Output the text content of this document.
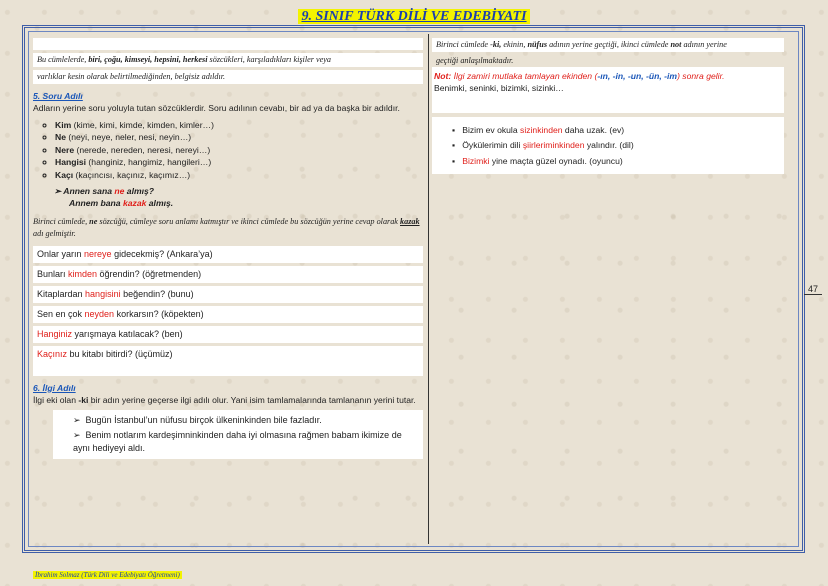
9. SINIF TÜRK DİLİ VE EDEBİYATI
Bu cümlelerde, biri, çoğu, kimseyi, hepsini, herkesi sözcükleri, karşıladıkları kişiler veya
varlıklar kesin olarak belirtilmediğinden, belgisiz adıldır.
5. Soru Adılı
Adların yerine soru yoluyla tutan sözcüklerdir. Soru adılının cevabı, bir ad ya da başka bir adıldır.
◦ Kim (kime, kimi, kimde, kimden, kimler…)
◦ Ne (neyi, neye, neler, nesi, neyin…)
◦ Nere (nerede, nereden, neresi, nereyi…)
◦ Hangisi (hanginiz, hangimiz, hangileri…)
◦ Kaçı (kaçıncısı, kaçınız, kaçımız…)
➢ Annen sana ne almış?
Annem bana kazak almış.
Birinci cümlede, ne sözcüğü, cümleye soru anlamı katmıştır ve ikinci cümlede bu sözcüğün yerine cevap olarak kazak adı gelmiştir.
Onlar yarın nereye gidecekmiş? (Ankara’ya)
Bunları kimden öğrendin? (öğretmenden)
Kitaplardan hangisini beğendin? (bunu)
Sen en çok neyden korkarsın? (köpekten)
Hanginiz yarışmaya katılacak? (ben)
Kaçınız bu kitabı bitirdi? (üçümüz)
6. İlgi Adılı
İlgi eki olan -ki bir adın yerine geçerse ilgi adılı olur. Yani isim tamlamalarında tamlananın yerini tutar.
➢  Bugün İstanbul’un nüfusu birçok ülkeninkinden bile fazladır.
➢  Benim notlarım kardeşimninkinden daha iyi olmasına rağmen babam ikimize de aynı hediyeyi aldı.
Birinci cümlede -ki, ekinin, nüfus adının yerine geçtiği, ikinci cümlede not adının yerine
geçtiği anlaşılmaktadır.
Not: İlgi zamiri mutlaka tamlayan ekinden (-ın, -in, -un, -ün, -im) sonra gelir.
Benimki, seninki, bizimki, sizinki…
▪   Bizim ev okula sizinkinden daha uzak. (ev)
▪   Öykülerimin dili şiirleriminkinden yalındır. (dil)
▪   Bizimki yine maçta güzel oynadı. (oyuncu)
47
İbrahim Solmaz (Türk Dili ve Edebiyatı Öğretmeni)
